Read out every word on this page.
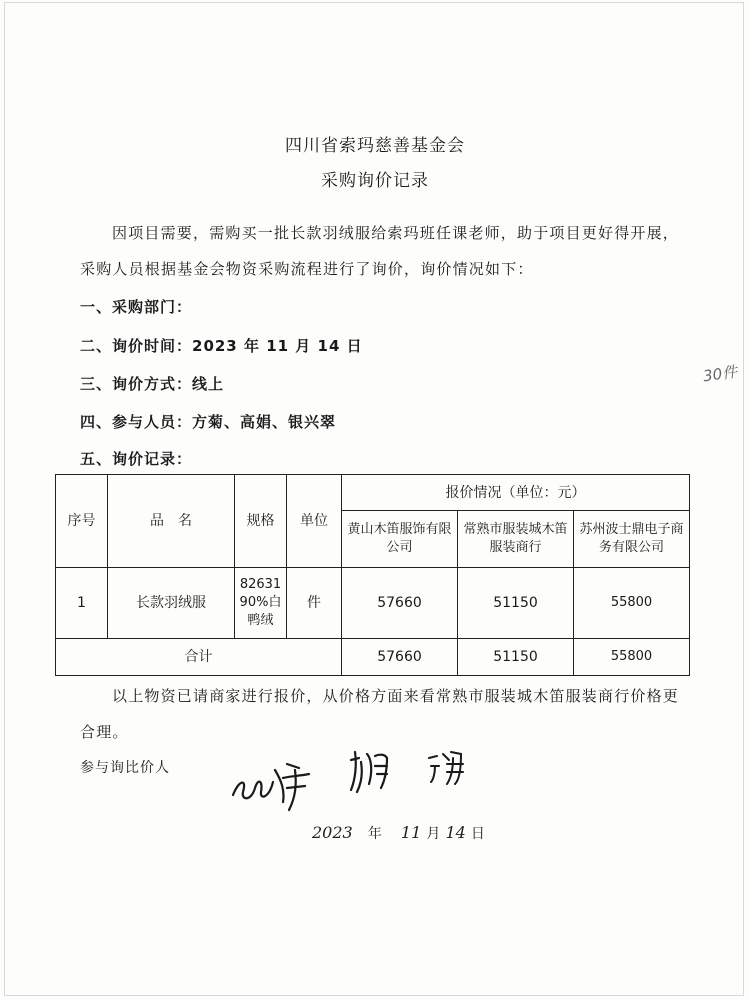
四川省索玛慈善基金会
采购询价记录
因项目需要，需购买一批长款羽绒服给索玛班任课老师，助于项目更好得开展，采购人员根据基金会物资采购流程进行了询价，询价情况如下：
一、采购部门：
二、询价时间：2023 年 11 月 14 日
三、询价方式：线上
四、参与人员：方菊、高娟、银兴翠
五、询价记录：
30件
序号	品　名	规格	单位	报价情况（单位：元）		
				黄山木笛服饰有限公司	常熟市服装城木笛服装商行	苏州波士鼎电子商务有限公司
1	长款羽绒服	82631
90%白
鸭绒	件	57660	51150	55800
合计				57660	51150	55800
以上物资已请商家进行报价，从价格方面来看常熟市服装城木笛服装商行价格更合理。
参与询比价人
2023 年 11 月 14 日
